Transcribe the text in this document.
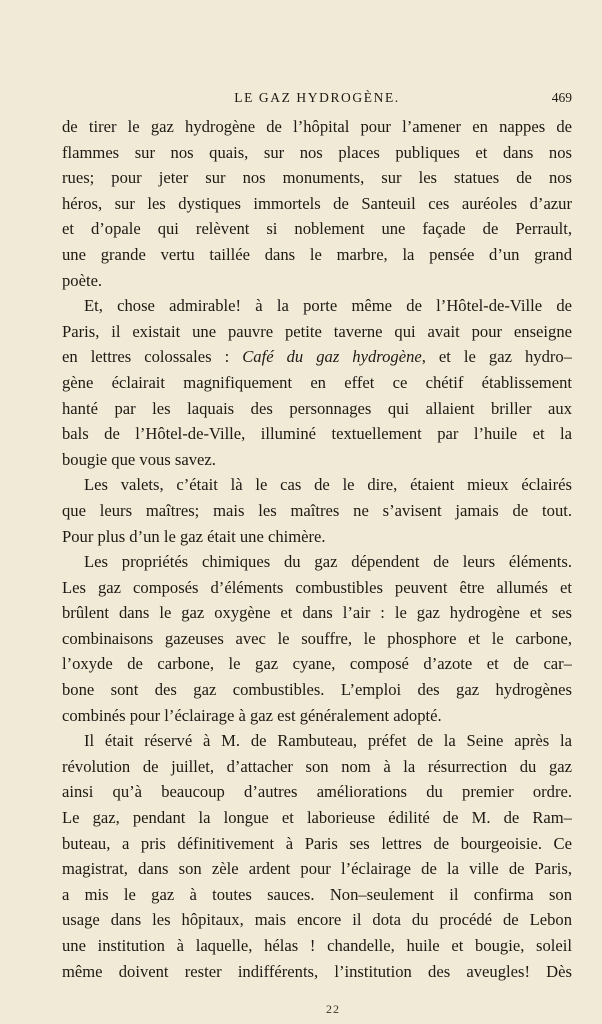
LE GAZ HYDROGÈNE.	469
de tirer le gaz hydrogène de l’hôpital pour l’amener en nappes de
flammes sur nos quais, sur nos places publiques et dans nos
rues; pour jeter sur nos monuments, sur les statues de nos
héros, sur les dystiques immortels de Santeuil ces auréoles d’azur
et d’opale qui relèvent si noblement une façade de Perrault,
une grande vertu taillée dans le marbre, la pensée d’un grand
poète.
Et, chose admirable! à la porte même de l’Hôtel-de-Ville de
Paris, il existait une pauvre petite taverne qui avait pour enseigne
en lettres colossales : Café du gaz hydrogène, et le gaz hydro–
gène éclairait magnifiquement en effet ce chétif établissement
hanté par les laquais des personnages qui allaient briller aux
bals de l’Hôtel-de-Ville, illuminé textuellement par l’huile et la
bougie que vous savez.
Les valets, c’était là le cas de le dire, étaient mieux éclairés
que leurs maîtres; mais les maîtres ne s’avisent jamais de tout.
Pour plus d’un le gaz était une chimère.
Les propriétés chimiques du gaz dépendent de leurs éléments.
Les gaz composés d’éléments combustibles peuvent être allumés et
brûlent dans le gaz oxygène et dans l’air : le gaz hydrogène et ses
combinaisons gazeuses avec le souffre, le phosphore et le carbone,
l’oxyde de carbone, le gaz cyane, composé d’azote et de car–
bone sont des gaz combustibles. L’emploi des gaz hydrogènes
combinés pour l’éclairage à gaz est généralement adopté.
Il était réservé à M. de Rambuteau, préfet de la Seine après la
révolution de juillet, d’attacher son nom à la résurrection du gaz
ainsi qu’à beaucoup d’autres améliorations du premier ordre.
Le gaz, pendant la longue et laborieuse édilité de M. de Ram–
buteau, a pris définitivement à Paris ses lettres de bourgeoisie. Ce
magistrat, dans son zèle ardent pour l’éclairage de la ville de Paris,
a mis le gaz à toutes sauces. Non–seulement il confirma son
usage dans les hôpitaux, mais encore il dota du procédé de Lebon
une institution à laquelle, hélas ! chandelle, huile et bougie, soleil
même doivent rester indifférents, l’institution des aveugles! Dès
22
